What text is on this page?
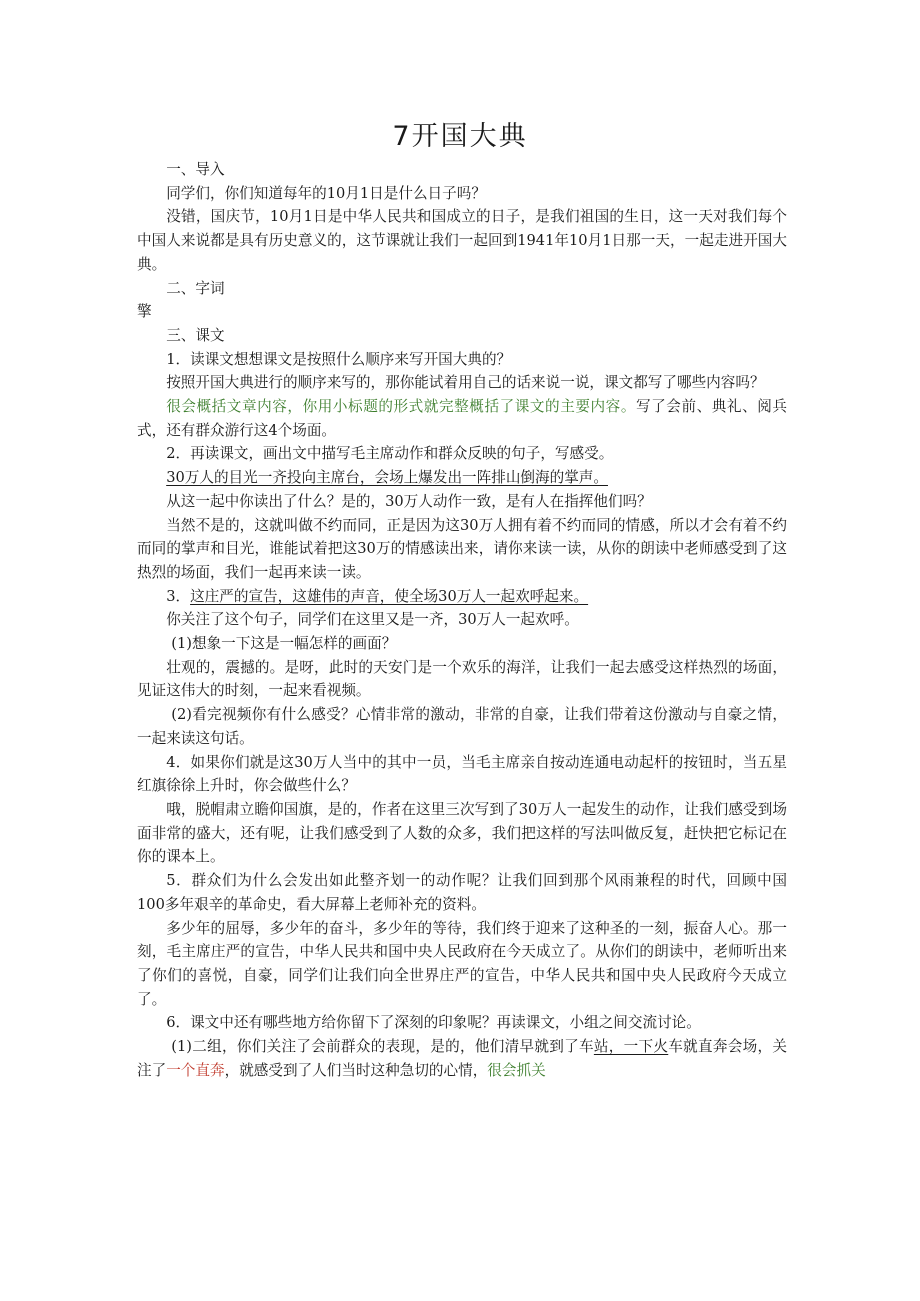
7开国大典

一、导入

同学们，你们知道每年的10月1日是什么日子吗？

没错，国庆节，10月1日是中华人民共和国成立的日子，是我们祖国的生日，这一天对我们每个中国人来说都是具有历史意义的，这节课就让我们一起回到1941年10月1日那一天，一起走进开国大典。

二、字词

擎

三、课文

1．读课文想想课文是按照什么顺序来写开国大典的？

按照开国大典进行的顺序来写的，那你能试着用自己的话来说一说，课文都写了哪些内容吗？

很会概括文章内容，你用小标题的形式就完整概括了课文的主要内容。写了会前、典礼、阅兵式，还有群众游行这4个场面。

2．再读课文，画出文中描写毛主席动作和群众反映的句子，写感受。

30万人的目光一齐投向主席台，会场上爆发出一阵排山倒海的掌声。

从这一起中你读出了什么？是的，30万人动作一致，是有人在指挥他们吗？

当然不是的，这就叫做不约而同，正是因为这30万人拥有着不约而同的情感，所以才会有着不约而同的掌声和目光，谁能试着把这30万的情感读出来，请你来读一读，从你的朗读中老师感受到了这热烈的场面，我们一起再来读一读。

3．这庄严的宣告，这雄伟的声音，使全场30万人一起欢呼起来。

你关注了这个句子，同学们在这里又是一齐，30万人一起欢呼。

(1)想象一下这是一幅怎样的画面？

壮观的，震撼的。是呀，此时的天安门是一个欢乐的海洋，让我们一起去感受这样热烈的场面，见证这伟大的时刻，一起来看视频。

(2)看完视频你有什么感受？心情非常的激动，非常的自豪，让我们带着这份激动与自豪之情，一起来读这句话。

4．如果你们就是这30万人当中的其中一员，当毛主席亲自按动连通电动起杆的按钮时，当五星红旗徐徐上升时，你会做些什么？

哦，脱帽肃立瞻仰国旗，是的，作者在这里三次写到了30万人一起发生的动作，让我们感受到场面非常的盛大，还有呢，让我们感受到了人数的众多，我们把这样的写法叫做反复，赶快把它标记在你的课本上。

5．群众们为什么会发出如此整齐划一的动作呢？让我们回到那个风雨兼程的时代，回顾中国100多年艰辛的革命史，看大屏幕上老师补充的资料。

多少年的屈辱，多少年的奋斗，多少年的等待，我们终于迎来了这种圣的一刻，振奋人心。那一刻，毛主席庄严的宣告，中华人民共和国中央人民政府在今天成立了。从你们的朗读中，老师听出来了你们的喜悦，自豪，同学们让我们向全世界庄严的宣告，中华人民共和国中央人民政府今天成立了。

6．课文中还有哪些地方给你留下了深刻的印象呢？再读课文，小组之间交流讨论。

(1)二组，你们关注了会前群众的表现，是的，他们清早就到了车站，一下火车就直奔会场，关注了一个直奔，就感受到了人们当时这种急切的心情，很会抓关
